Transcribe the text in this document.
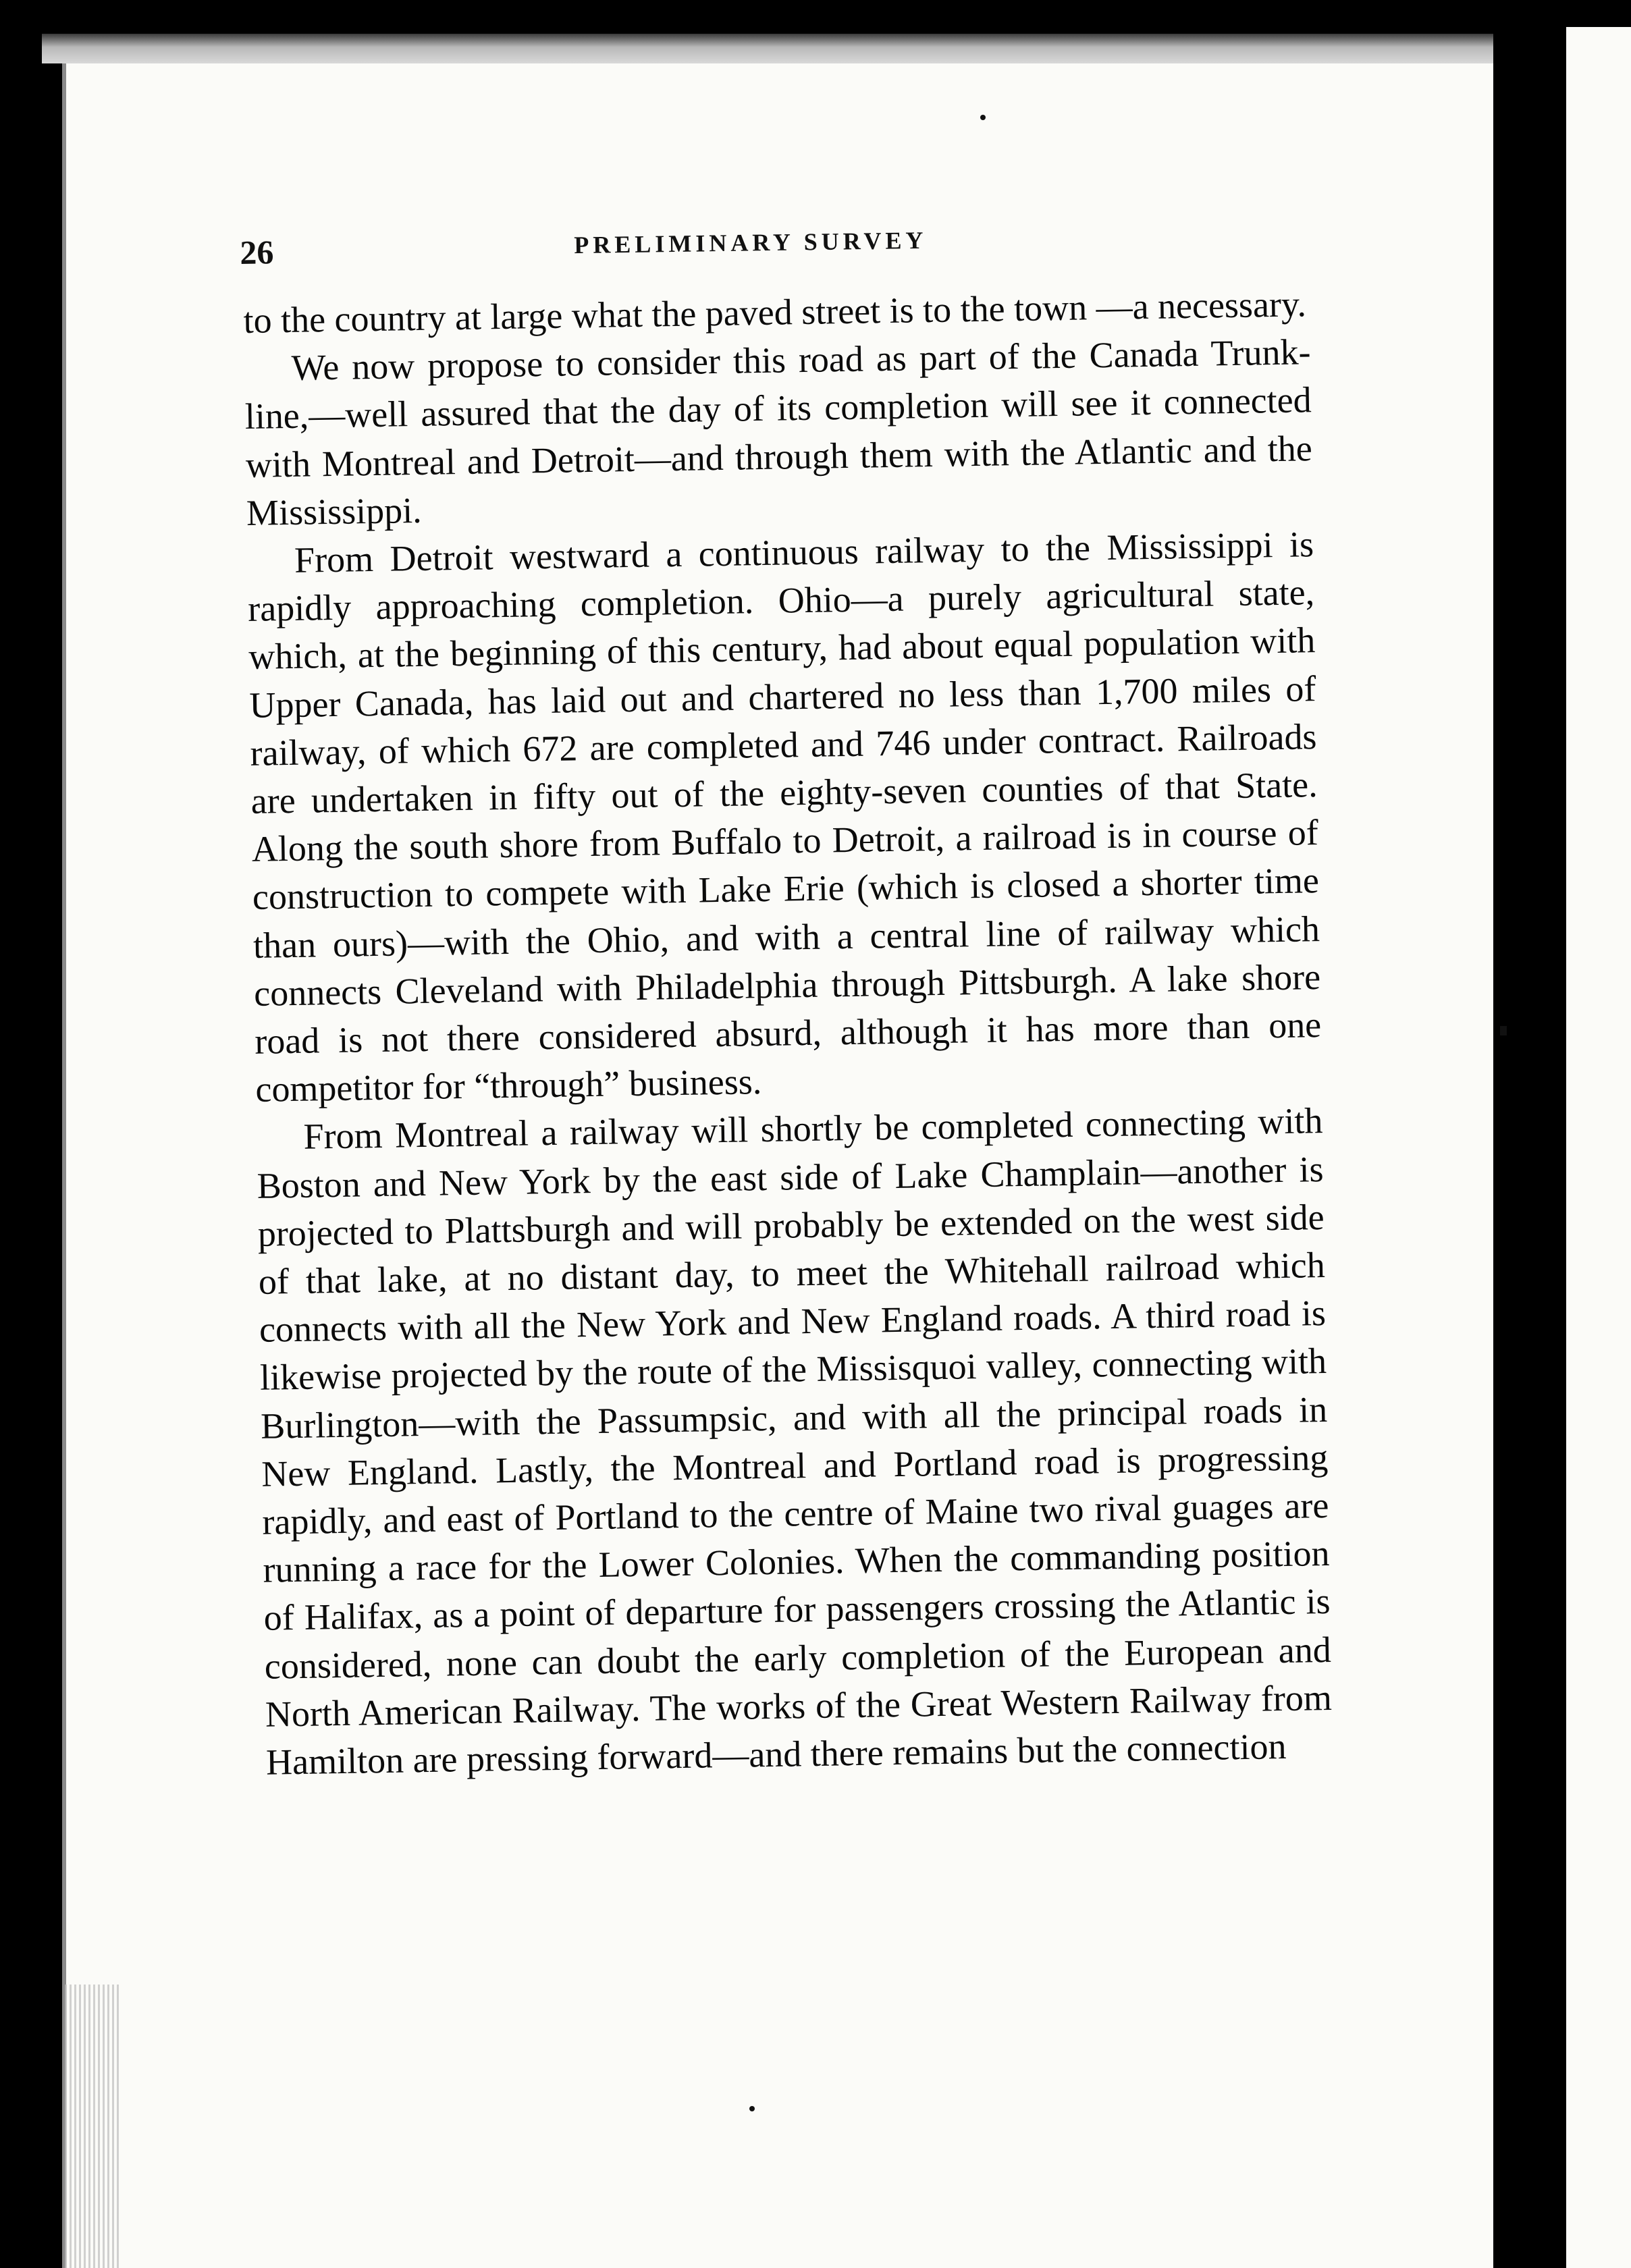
26	PRELIMINARY SURVEY

to the country at large what the paved street is to the town —a necessary.

We now propose to consider this road as part of the Canada Trunk-line,—well assured that the day of its completion will see it connected with Montreal and Detroit—and through them with the Atlantic and the Mississippi.

From Detroit westward a continuous railway to the Mississippi is rapidly approaching completion. Ohio—a purely agricultural state, which, at the beginning of this century, had about equal population with Upper Canada, has laid out and chartered no less than 1,700 miles of railway, of which 672 are completed and 746 under contract. Railroads are undertaken in fifty out of the eighty-seven counties of that State. Along the south shore from Buffalo to Detroit, a railroad is in course of construction to compete with Lake Erie (which is closed a shorter time than ours)—with the Ohio, and with a central line of railway which connects Cleveland with Philadelphia through Pittsburgh. A lake shore road is not there considered absurd, although it has more than one competitor for “through” business.

From Montreal a railway will shortly be completed connecting with Boston and New York by the east side of Lake Champlain—another is projected to Plattsburgh and will probably be extended on the west side of that lake, at no distant day, to meet the Whitehall railroad which connects with all the New York and New England roads. A third road is likewise projected by the route of the Missisquoi valley, connecting with Burlington—with the Passumpsic, and with all the principal roads in New England. Lastly, the Montreal and Portland road is progressing rapidly, and east of Portland to the centre of Maine two rival guages are running a race for the Lower Colonies. When the commanding position of Halifax, as a point of departure for passengers crossing the Atlantic is considered, none can doubt the early completion of the European and North American Railway. The works of the Great Western Railway from Hamilton are pressing forward—and there remains but the connection
